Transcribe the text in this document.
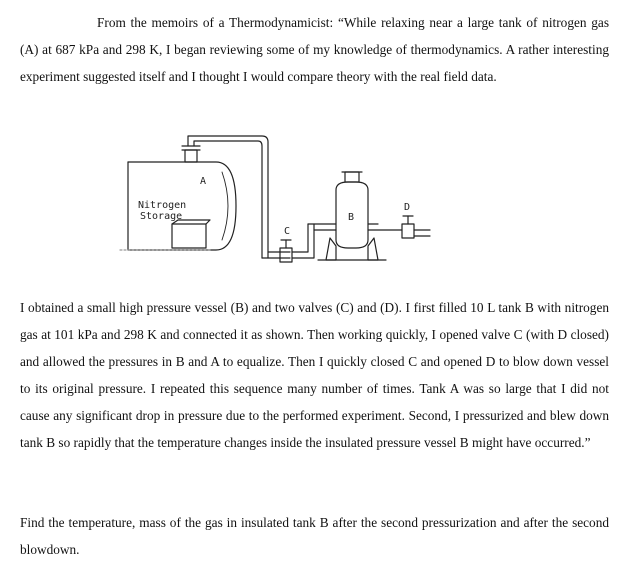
From the memoirs of a Thermodynamicist: “While relaxing near a large tank of nitrogen gas (A) at 687 kPa and 298 K, I began reviewing some of my knowledge of thermodynamics. A rather interesting experiment suggested itself and I thought I would compare theory with the real field data.

Nitrogen
Storage
A
B
C
D

I obtained a small high pressure vessel (B) and two valves (C) and (D). I first filled 10 L tank B with nitrogen gas at 101 kPa and 298 K and connected it as shown. Then working quickly, I opened valve C (with D closed) and allowed the pressures in B and A to equalize. Then I quickly closed C and opened D to blow down vessel to its original pressure. I repeated this sequence many number of times. Tank A was so large that I did not cause any significant drop in pressure due to the performed experiment. Second, I pressurized and blew down tank B so rapidly that the temperature changes inside the insulated pressure vessel B might have occurred.”

Find the temperature, mass of the gas in insulated tank B after the second pressurization and after the second blowdown.
